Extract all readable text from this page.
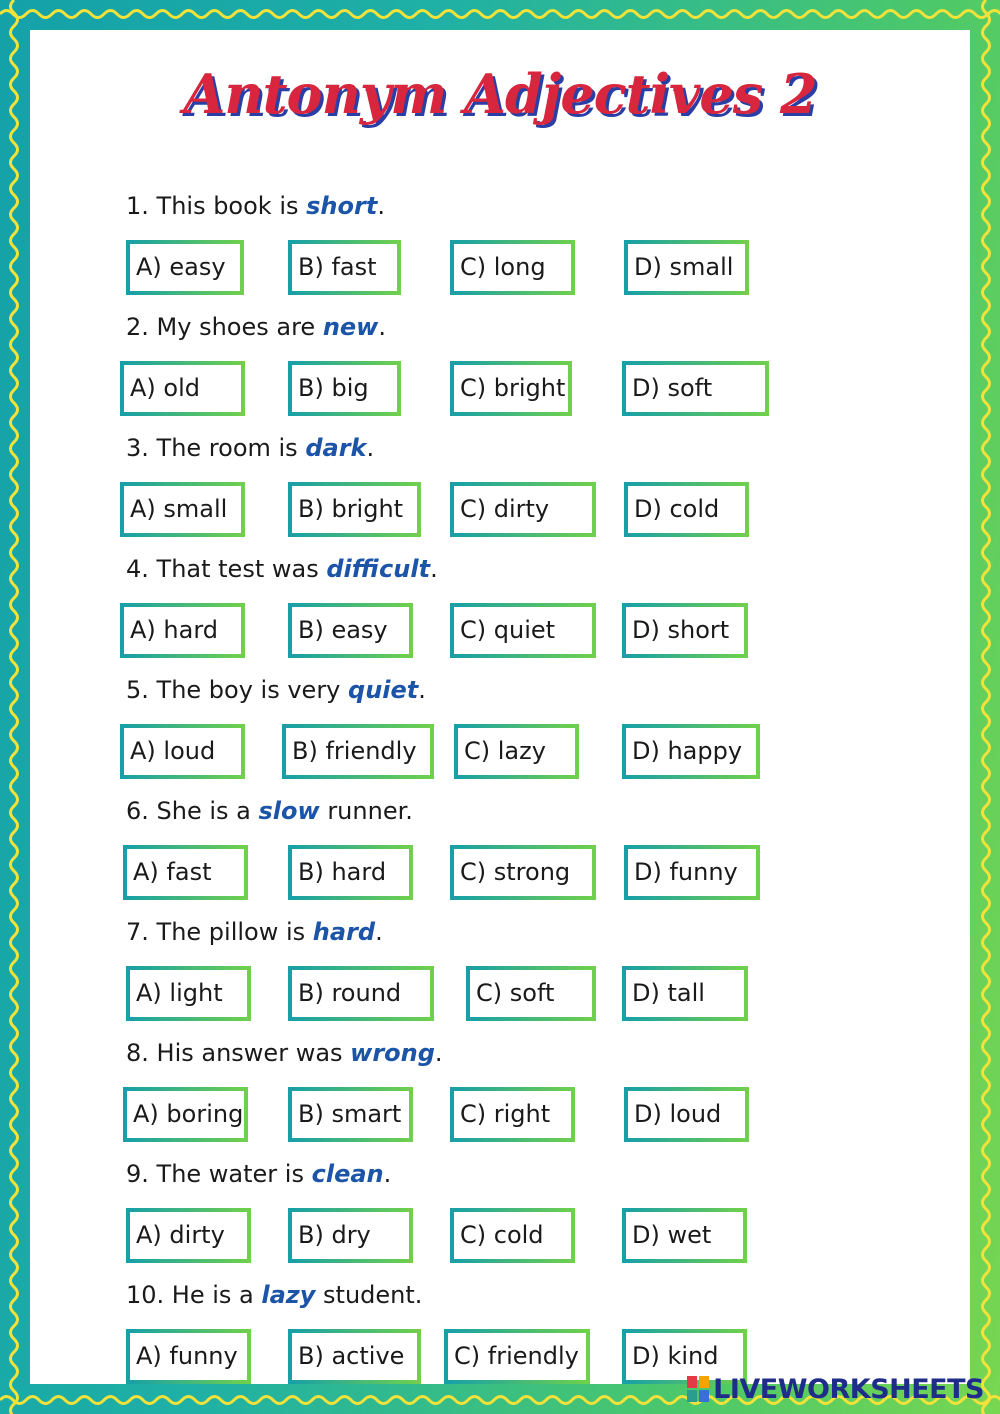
Antonym Adjectives 2
1. This book is short.
A) easy	B) fast	C) long	D) small
2. My shoes are new.
A) old	B) big	C) bright	D) soft
3. The room is dark.
A) small	B) bright	C) dirty	D) cold
4. That test was difficult.
A) hard	B) easy	C) quiet	D) short
5. The boy is very quiet.
A) loud	B) friendly	C) lazy	D) happy
6. She is a slow runner.
A) fast	B) hard	C) strong	D) funny
7. The pillow is hard.
A) light	B) round	C) soft	D) tall
8. His answer was wrong.
A) boring	B) smart	C) right	D) loud
9. The water is clean.
A) dirty	B) dry	C) cold	D) wet
10. He is a lazy student.
A) funny	B) active	C) friendly	D) kind
LIVEWORKSHEETS
